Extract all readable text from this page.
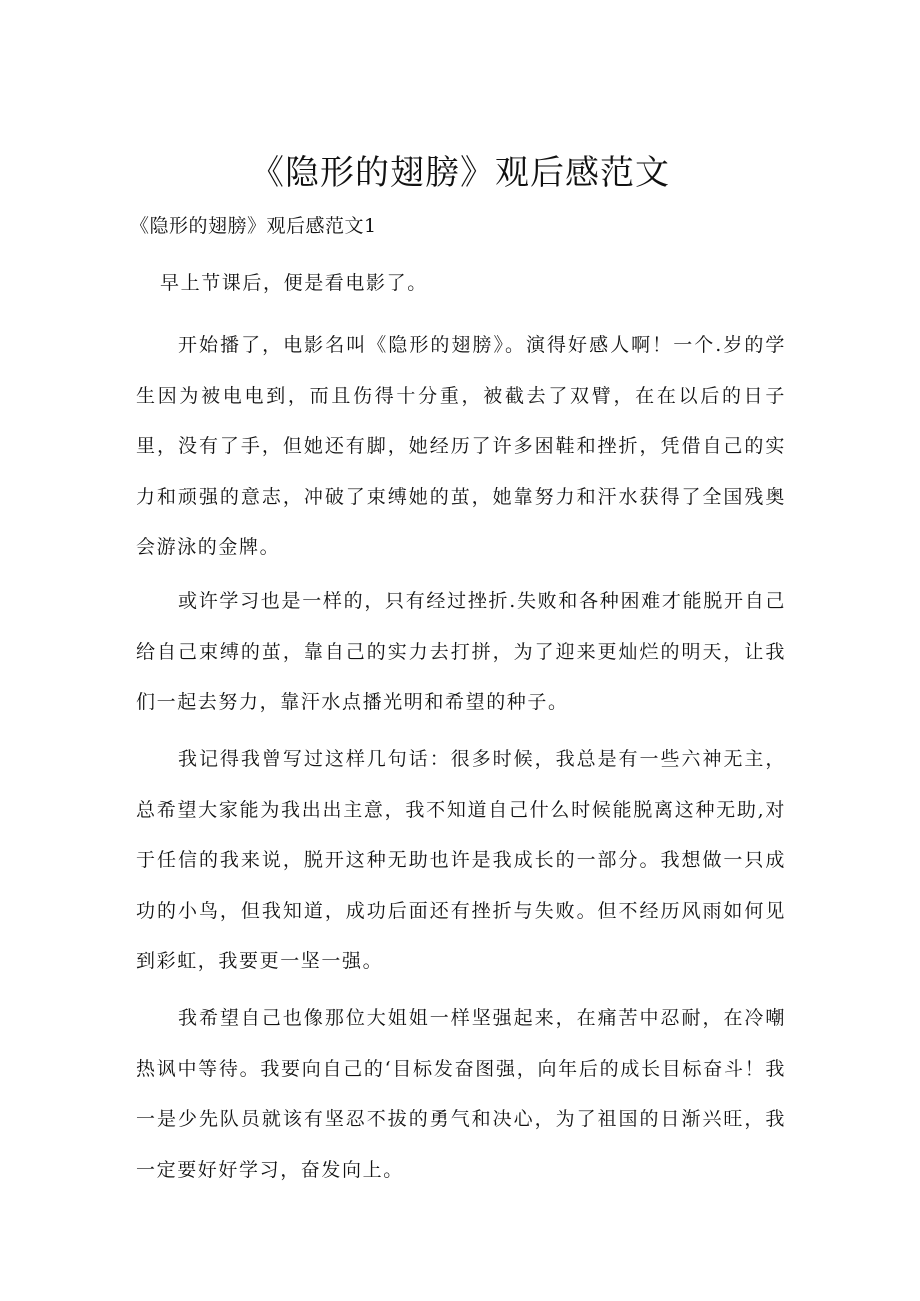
《隐形的翅膀》观后感范文

《隐形的翅膀》观后感范文1

早上节课后，便是看电影了。

开始播了，电影名叫《隐形的翅膀》。演得好感人啊！一个.岁的学生因为被电电到，而且伤得十分重，被截去了双臂，在在以后的日子里，没有了手，但她还有脚，她经历了许多困鞋和挫折，凭借自己的实力和顽强的意志，冲破了束缚她的茧，她靠努力和汗水获得了全国残奥会游泳的金牌。

或许学习也是一样的，只有经过挫折.失败和各种困难才能脱开自己给自己束缚的茧，靠自己的实力去打拼，为了迎来更灿烂的明天，让我们一起去努力，靠汗水点播光明和希望的种子。

我记得我曾写过这样几句话：很多时候，我总是有一些六神无主，总希望大家能为我出出主意，我不知道自己什么时候能脱离这种无助,对于任信的我来说，脱开这种无助也许是我成长的一部分。我想做一只成功的小鸟，但我知道，成功后面还有挫折与失败。但不经历风雨如何见到彩虹，我要更一坚一强。

我希望自己也像那位大姐姐一样坚强起来，在痛苦中忍耐，在冷嘲热讽中等待。我要向自己的‘目标发奋图强，向年后的成长目标奋斗！我一是少先队员就该有坚忍不拔的勇气和决心，为了祖国的日渐兴旺，我一定要好好学习，奋发向上。
